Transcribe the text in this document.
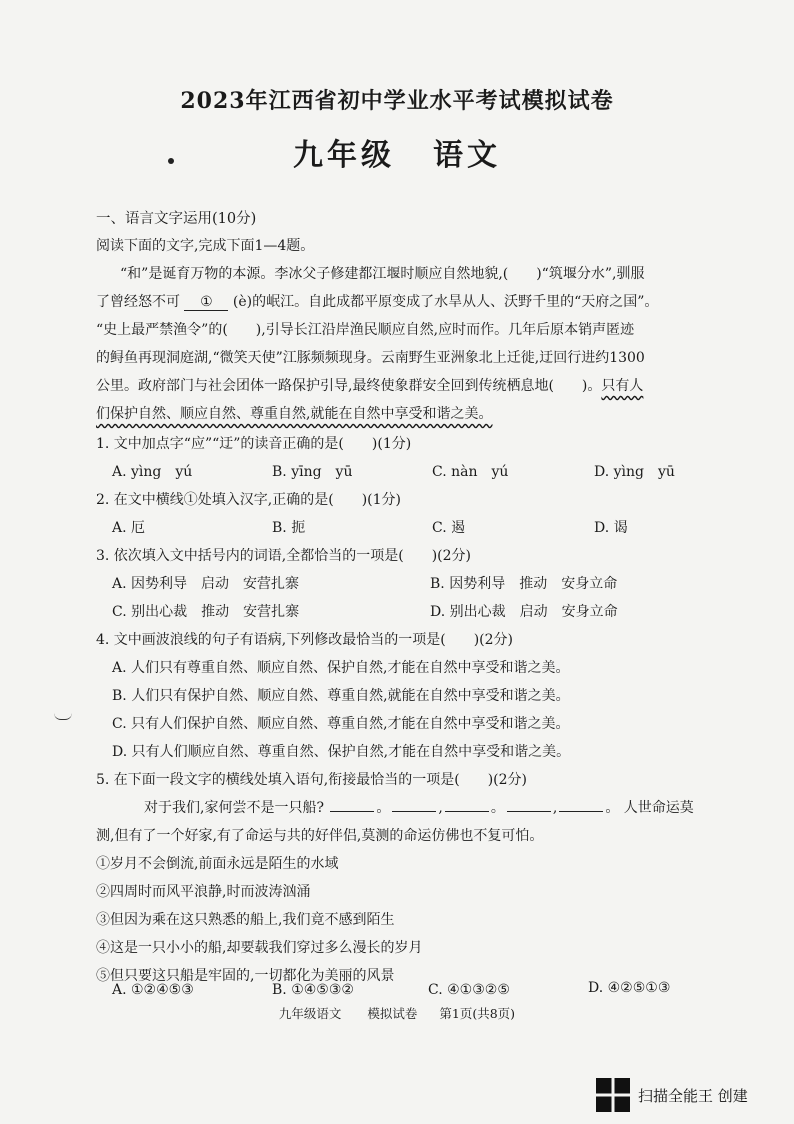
2023年江西省初中学业水平考试模拟试卷
九年级 语文
一、语言文字运用(10分)
阅读下面的文字,完成下面1—4题。
“和”是诞育万物的本源。李冰父子修建都江堰时顺应自然地貌,(　　)“筑堰分水”,驯服
了曾经怒不可 ① (è)的岷江。自此成都平原变成了水旱从人、沃野千里的“天府之国”。
“史上最严禁渔令”的(　　),引导长江沿岸渔民顺应自然,应时而作。几年后原本销声匿迹
的鲟鱼再现洞庭湖,“微笑天使”江豚频频现身。云南野生亚洲象北上迁徙,迂回行进约1300
公里。政府部门与社会团体一路保护引导,最终使象群安全回到传统栖息地(　　)。只有人
们保护自然、顺应自然、尊重自然,就能在自然中享受和谐之美。
1. 文中加点字“应”“迂”的读音正确的是(　　)(1分)
A. yìng　yú	B. yīng　yū	C. nàn　yú	D. yìng　yū
2. 在文中横线①处填入汉字,正确的是(　　)(1分)
A. 厄	B. 扼	C. 遏	D. 谒
3. 依次填入文中括号内的词语,全都恰当的一项是(　　)(2分)
A. 因势利导　启动　安营扎寨	B. 因势利导　推动　安身立命
C. 别出心裁　推动　安营扎寨	D. 别出心裁　启动　安身立命
4. 文中画波浪线的句子有语病,下列修改最恰当的一项是(　　)(2分)
A. 人们只有尊重自然、顺应自然、保护自然,才能在自然中享受和谐之美。
B. 人们只有保护自然、顺应自然、尊重自然,就能在自然中享受和谐之美。
C. 只有人们保护自然、顺应自然、尊重自然,才能在自然中享受和谐之美。
D. 只有人们顺应自然、尊重自然、保护自然,才能在自然中享受和谐之美。
5. 在下面一段文字的横线处填入语句,衔接最恰当的一项是(　　)(2分)
对于我们,家何尝不是一只船?	。	,	。	,	。 人世命运莫
测,但有了一个好家,有了命运与共的好伴侣,莫测的命运仿佛也不复可怕。
①岁月不会倒流,前面永远是陌生的水域
②四周时而风平浪静,时而波涛汹涌
③但因为乘在这只熟悉的船上,我们竟不感到陌生
④这是一只小小的船,却要载我们穿过多么漫长的岁月
⑤但只要这只船是牢固的,一切都化为美丽的风景
A. ①②④⑤③	B. ①④⑤③②	C. ④①③②⑤	D. ④②⑤①③
九年级语文 模拟试卷 第1页(共8页)
扫描全能王 创建
